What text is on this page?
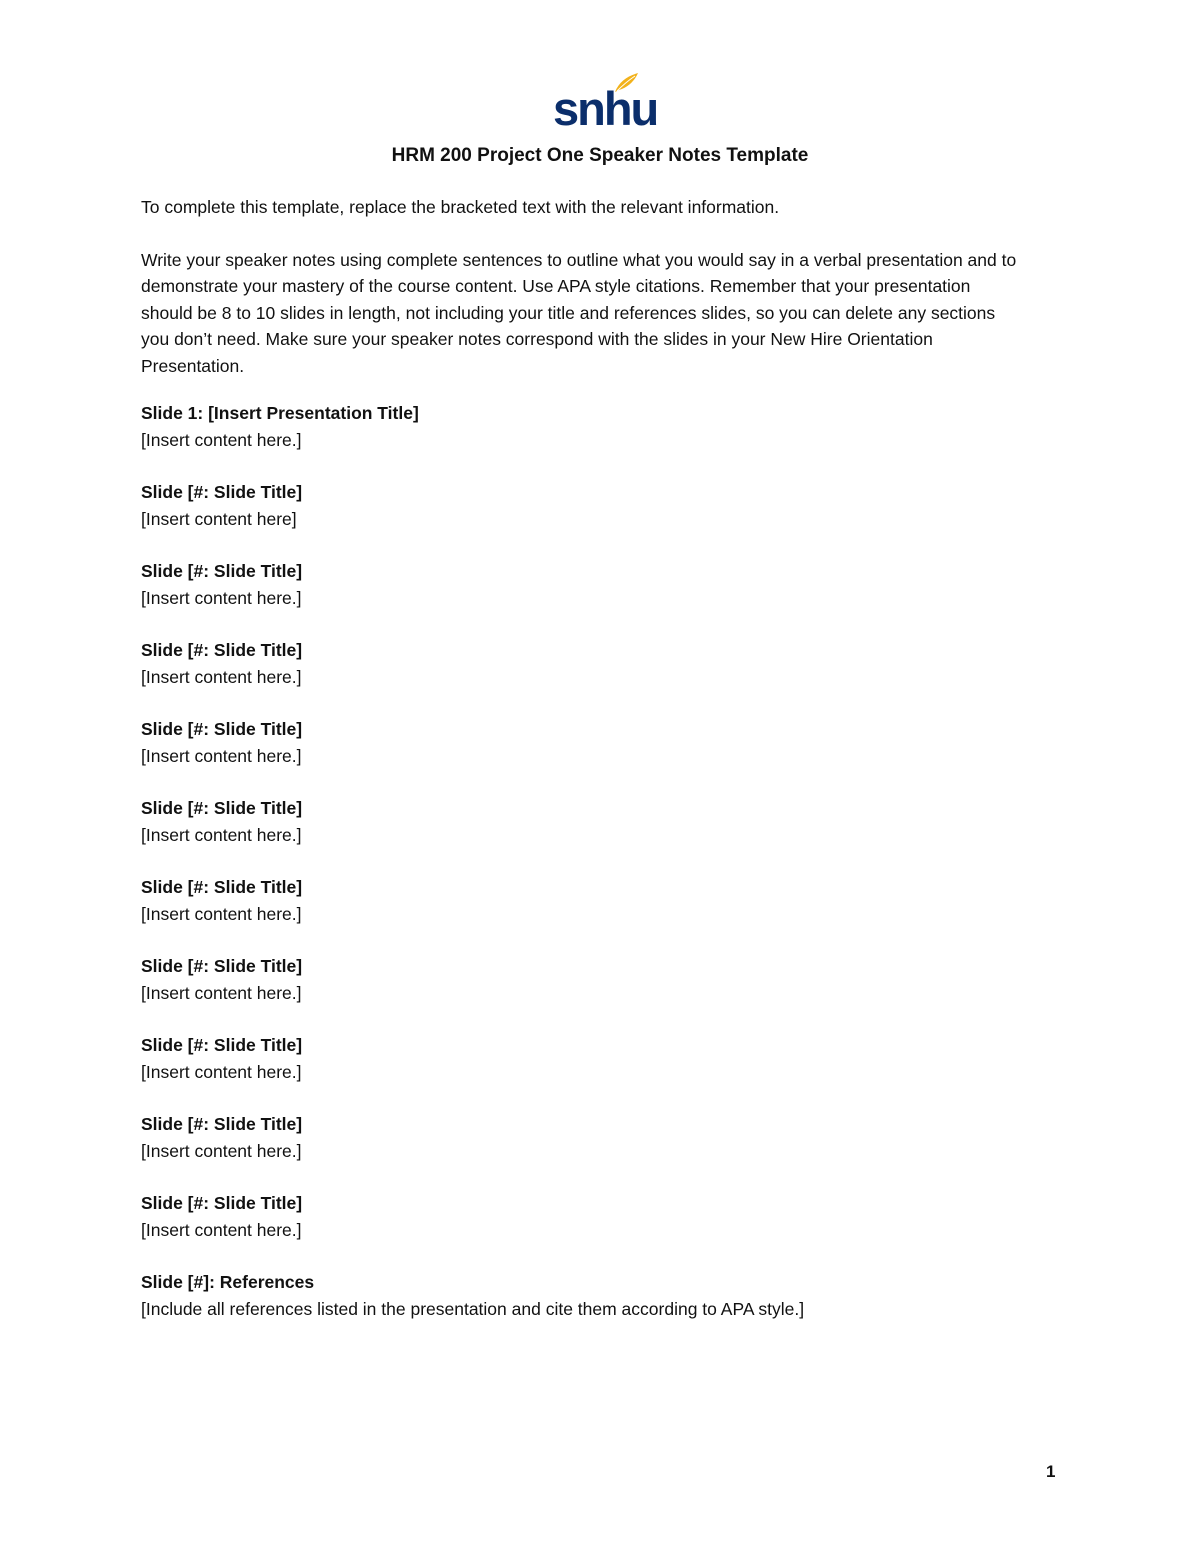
snhu
HRM 200 Project One Speaker Notes Template

To complete this template, replace the bracketed text with the relevant information.

Write your speaker notes using complete sentences to outline what you would say in a verbal presentation and to demonstrate your mastery of the course content. Use APA style citations. Remember that your presentation should be 8 to 10 slides in length, not including your title and references slides, so you can delete any sections you don’t need. Make sure your speaker notes correspond with the slides in your New Hire Orientation Presentation.

Slide 1: [Insert Presentation Title]

[Insert content here.]

Slide [#: Slide Title]

[Insert content here]

Slide [#: Slide Title]

[Insert content here.]

Slide [#: Slide Title]

[Insert content here.]

Slide [#: Slide Title]

[Insert content here.]

Slide [#: Slide Title]

[Insert content here.]

Slide [#: Slide Title]

[Insert content here.]

Slide [#: Slide Title]

[Insert content here.]

Slide [#: Slide Title]

[Insert content here.]

Slide [#: Slide Title]

[Insert content here.]

Slide [#: Slide Title]

[Insert content here.]

Slide [#]: References

[Include all references listed in the presentation and cite them according to APA style.]

1
